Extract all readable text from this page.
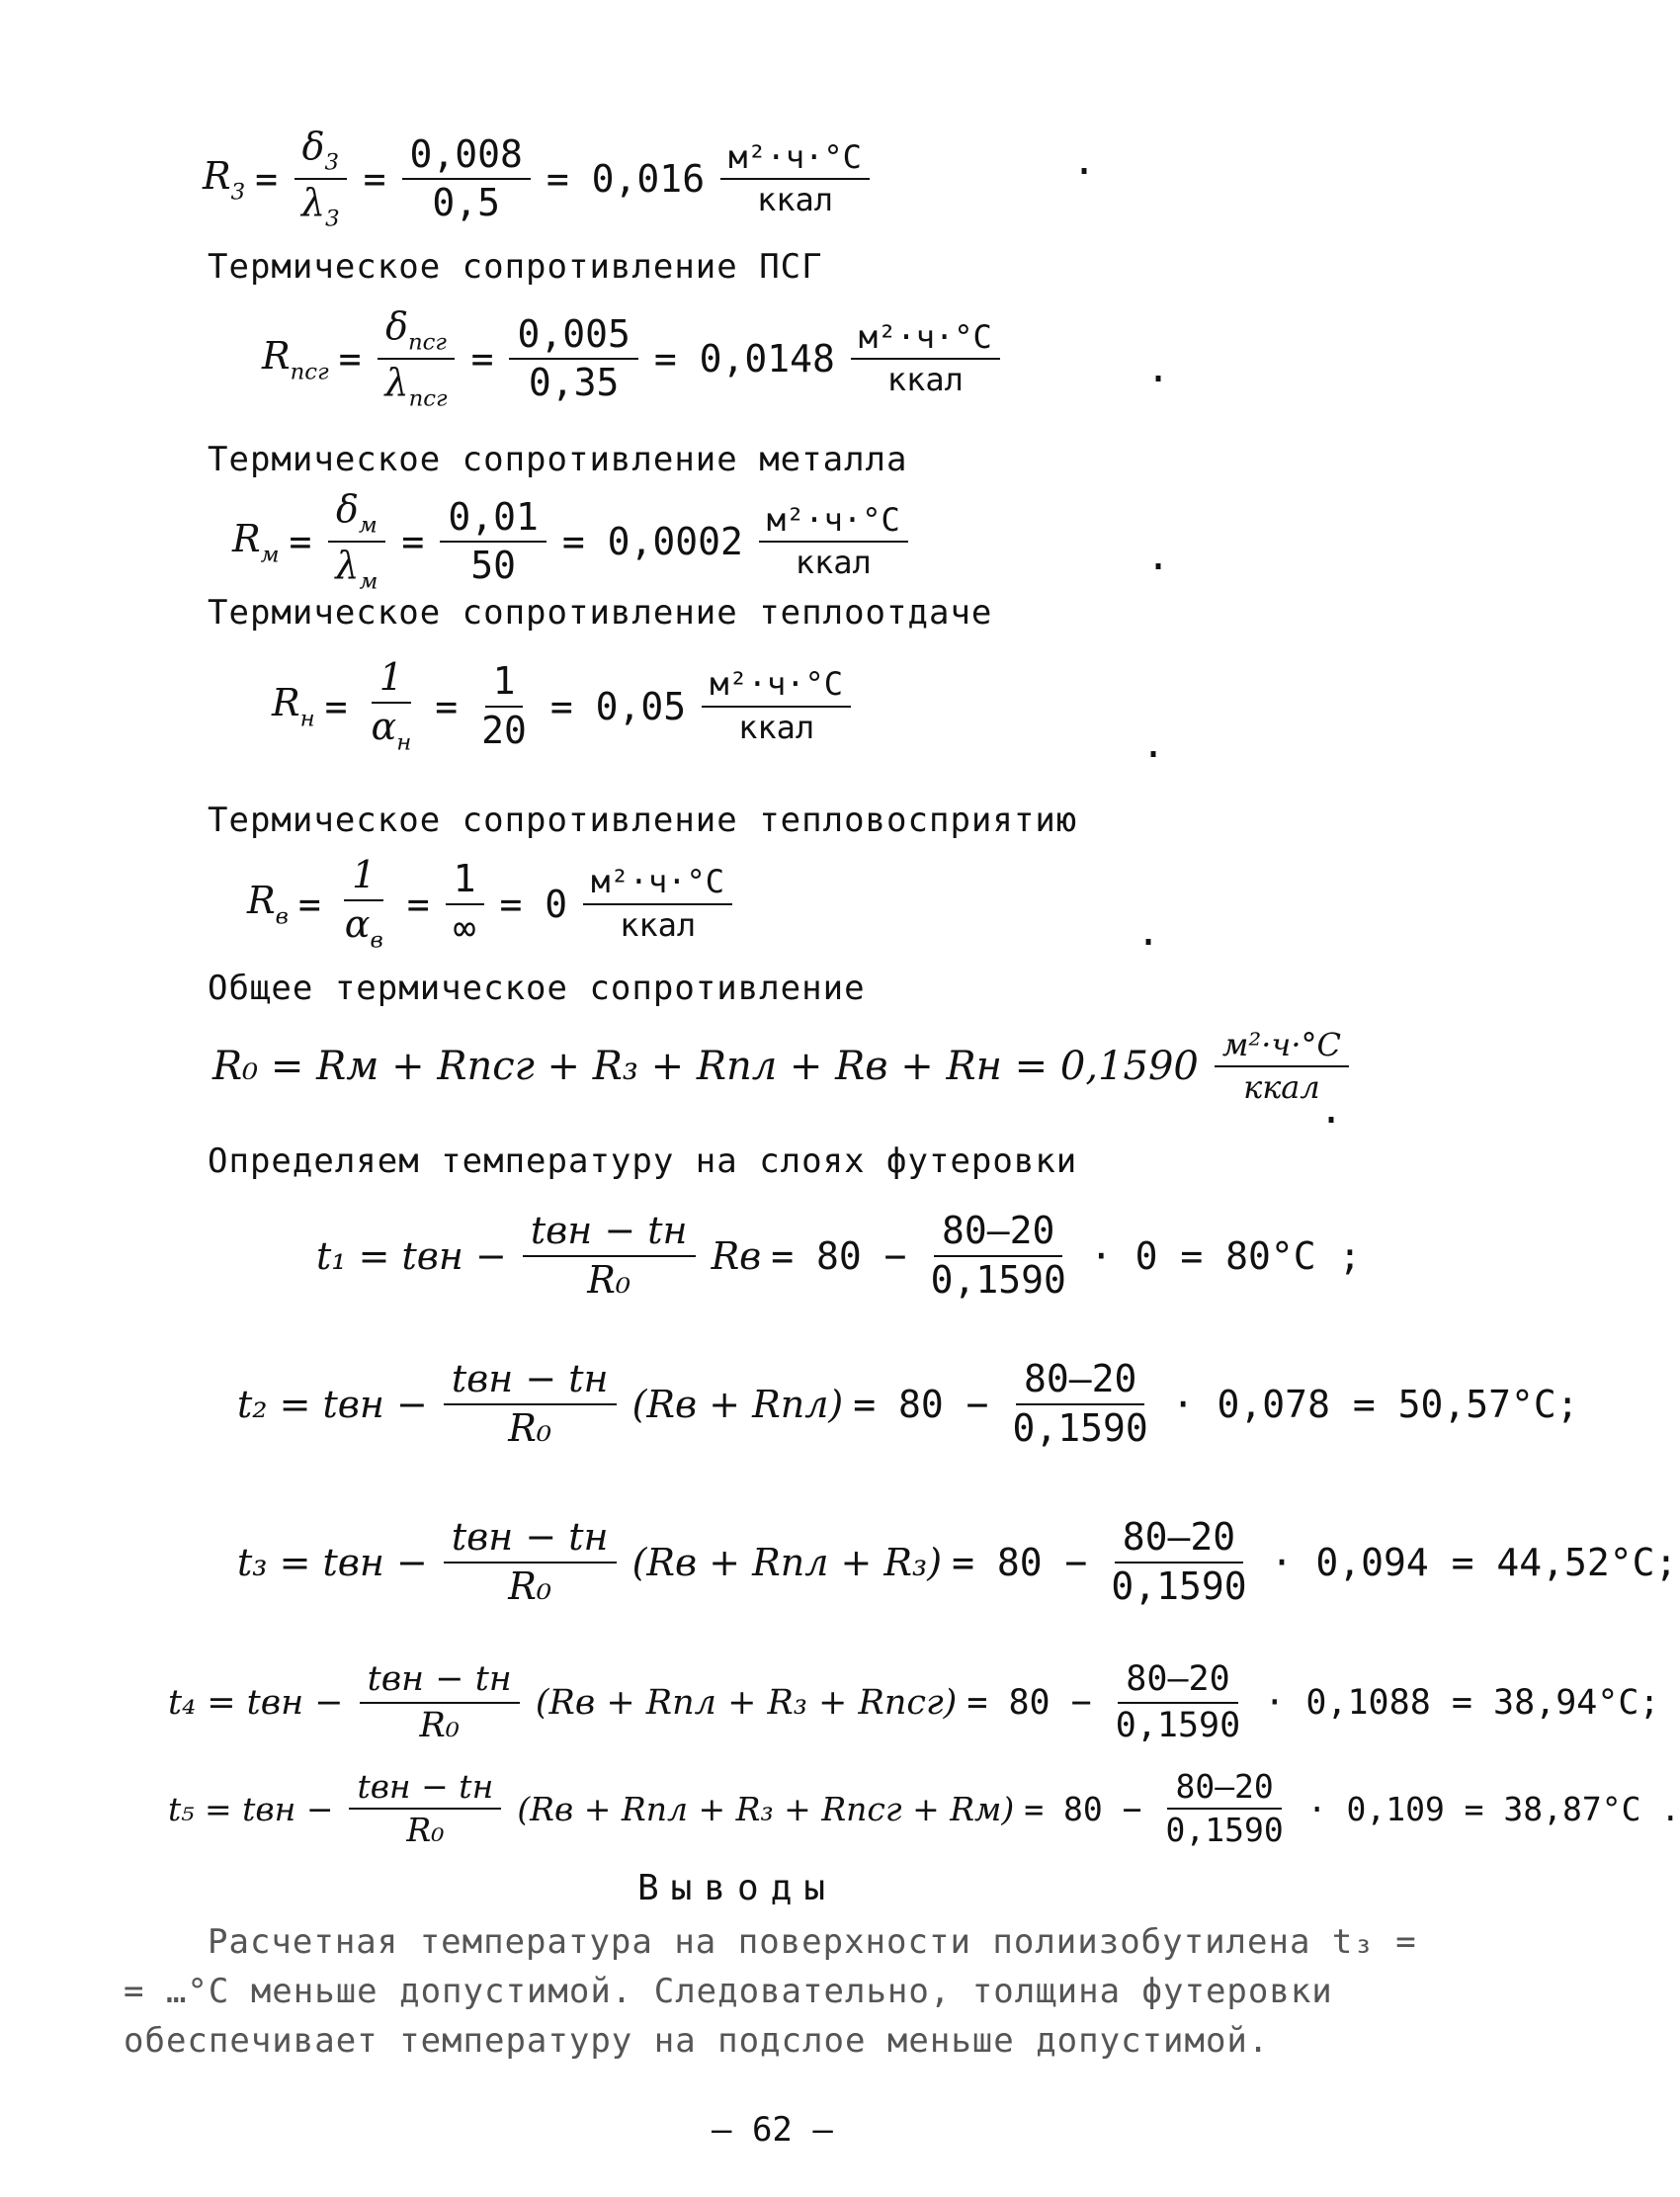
$R_3 = \frac{\delta_3}{\lambda_3} = \frac{0,008}{0,5} = 0,016 \frac{\text{м²·ч·°С}}{\text{ккал}}$	.
Термическое сопротивление ПСГ
$R_{псг} = \frac{\delta_{псг}}{\lambda_{псг}} = \frac{0,005}{0,35} = 0,0148 \frac{\text{м²·ч·°С}}{\text{ккал}}$	.
Термическое сопротивление металла
$R_м = \frac{\delta_м}{\lambda_м} = \frac{0,01}{50} = 0,0002 \frac{\text{м²·ч·°С}}{\text{ккал}}$	.
Термическое сопротивление теплоотдаче
$R_н = \frac{1}{\alpha_н} = \frac{1}{20} = 0,05 \frac{\text{м²·ч·°С}}{\text{ккал}}$	.
Термическое сопротивление тепловосприятию
$R_в = \frac{1}{\alpha_в} = \frac{1}{\infty} = 0 \frac{\text{м²·ч·°С}}{\text{ккал}}$	.
Общее термическое сопротивление
R₀ = Rм + Rпсг + R₃ + Rпл + Rв + Rн = $0,1590 \frac{\text{м²·ч·°С}}{\text{ккал}}$
.
Определяем температуру на слоях футеровки
t₁ = tвн − $\frac{\text{tвн − tн}}{\text{R₀}}$ Rв = $80 - \frac{80-20}{0,1590} \cdot 0 = 80^\circ С$ ;
t₂ = tвн − $\frac{\text{tвн − tн}}{\text{R₀}} (Rв + Rпл) = 80 - \frac{80-20}{0,1590} \cdot 0,078 = 50,57^\circ С$;
t₃ = tвн − $\frac{\text{tвн − tн}}{\text{R₀}} (Rв$ + Rпл + $R_3) = 80 - \frac{80-20}{0,1590} \cdot 0,094 = 44,52^\circ С$;
t₄ = tвн − $\frac{\text{tвн − tн}}{\text{R₀}} (Rв$ + Rпл + R₃ + Rпсг) = $80 - \frac{80-20}{0,1590} \cdot 0,1088 = 38,94^\circ С$;
t₅ = tвн − $\frac{\text{tвн − tн}}{\text{R₀}} (Rв$ + Rпл + R₃ + Rпсг + $Rм) = 80 - \frac{80-20}{0,1590} \cdot 0,109 = 38,87^\circ С$ .
Выводы
Расчетная температура на поверхности полиизобутилена t₃ =
= …°С меньше допустимой. Следовательно, толщина футеровки
обеспечивает температуру на подслое меньше допустимой.
– 62 –
